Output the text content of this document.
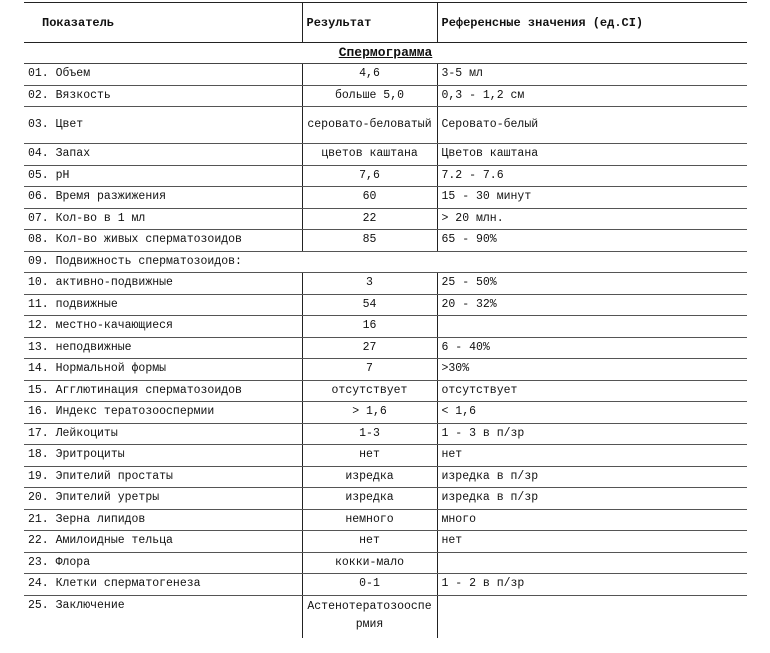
Показатель	Результат	Референсные значения (ед.CI)
Спермограмма		
01. Объем	4,6	3-5 мл
02. Вязкость	больше 5,0	0,3 - 1,2 см
03. Цвет	серовато-беловатый	Серовато-белый
04. Запах	цветов каштана	Цветов каштана
05. pH	7,6	7.2 - 7.6
06. Время разжижения	60	15 - 30 минут
07. Кол-во в 1 мл	22	> 20 млн.
08. Кол-во живых сперматозоидов	85	65 - 90%
09. Подвижность сперматозоидов:		
10. активно-подвижные	3	25 - 50%
11. подвижные	54	20 - 32%
12. местно-качающиеся	16	
13. неподвижные	27	6 - 40%
14. Нормальной формы	7	>30%
15. Агглютинация сперматозоидов	отсутствует	отсутствует
16. Индекс тератозооспермии	> 1,6	< 1,6
17. Лейкоциты	1-3	1 - 3 в п/зр
18. Эритроциты	нет	нет
19. Эпителий простаты	изредка	изредка в п/зр
20. Эпителий уретры	изредка	изредка в п/зр
21. Зерна липидов	немного	много
22. Амилоидные тельца	нет	нет
23. Флора	кокки-мало	
24. Клетки сперматогенеза	0-1	1 - 2 в п/зр
25. Заключение	Астенотератозооспермия	
